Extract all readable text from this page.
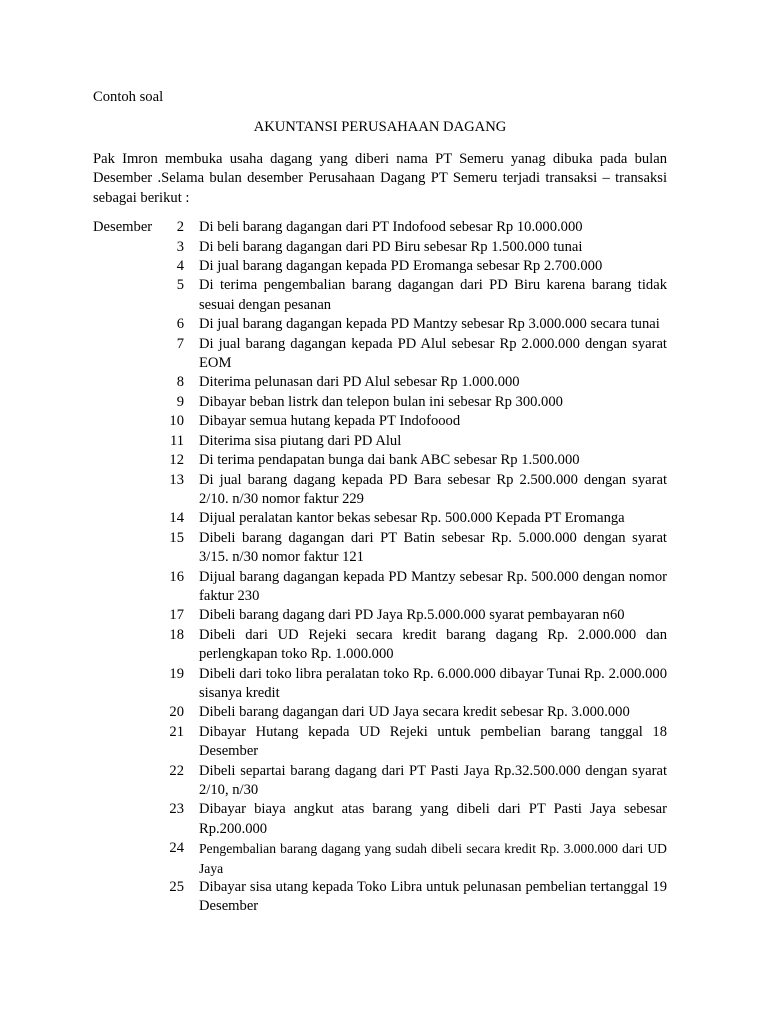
Contoh soal
AKUNTANSI PERUSAHAAN DAGANG
Pak Imron membuka usaha dagang yang diberi nama PT Semeru yanag dibuka pada bulan Desember .Selama bulan desember Perusahaan Dagang PT Semeru terjadi transaksi – transaksi sebagai berikut :
Desember	2 Di beli barang dagangan dari PT Indofood sebesar Rp 10.000.000
3 Di beli barang dagangan dari PD Biru sebesar Rp 1.500.000 tunai
4 Di jual barang dagangan kepada PD Eromanga sebesar Rp 2.700.000
5 Di terima pengembalian barang dagangan dari PD Biru karena barang tidak sesuai dengan pesanan
6 Di jual barang dagangan kepada PD Mantzy sebesar Rp 3.000.000 secara tunai
7 Di jual barang dagangan kepada PD Alul sebesar Rp 2.000.000 dengan syarat EOM
8 Diterima pelunasan dari PD Alul sebesar Rp 1.000.000
9 Dibayar beban listrk dan telepon bulan ini sebesar Rp 300.000
10 Dibayar semua hutang kepada PT Indofoood
11 Diterima sisa piutang dari PD Alul
12 Di terima pendapatan bunga dai bank ABC sebesar Rp 1.500.000
13 Di jual barang dagang kepada PD Bara sebesar Rp 2.500.000 dengan syarat 2/10. n/30 nomor faktur 229
14 Dijual peralatan kantor bekas sebesar Rp. 500.000 Kepada PT Eromanga
15 Dibeli barang dagangan dari PT Batin sebesar Rp. 5.000.000 dengan syarat 3/15. n/30 nomor faktur 121
16 Dijual barang dagangan kepada PD Mantzy sebesar Rp. 500.000 dengan nomor faktur 230
17 Dibeli barang dagang dari PD Jaya Rp.5.000.000 syarat pembayaran n60
18 Dibeli dari UD Rejeki secara kredit barang dagang Rp. 2.000.000 dan perlengkapan toko Rp. 1.000.000
19 Dibeli dari toko libra peralatan toko Rp. 6.000.000 dibayar Tunai Rp. 2.000.000 sisanya kredit
20 Dibeli barang dagangan dari UD Jaya secara kredit sebesar Rp. 3.000.000
21 Dibayar Hutang kepada UD Rejeki untuk pembelian barang tanggal 18 Desember
22 Dibeli separtai barang dagang dari PT Pasti Jaya Rp.32.500.000 dengan syarat 2/10, n/30
23 Dibayar biaya angkut atas barang yang dibeli dari PT Pasti Jaya sebesar Rp.200.000
24 Pengembalian barang dagang yang sudah dibeli secara kredit Rp. 3.000.000 dari UD Jaya
25 Dibayar sisa utang kepada Toko Libra untuk pelunasan pembelian tertanggal 19 Desember
